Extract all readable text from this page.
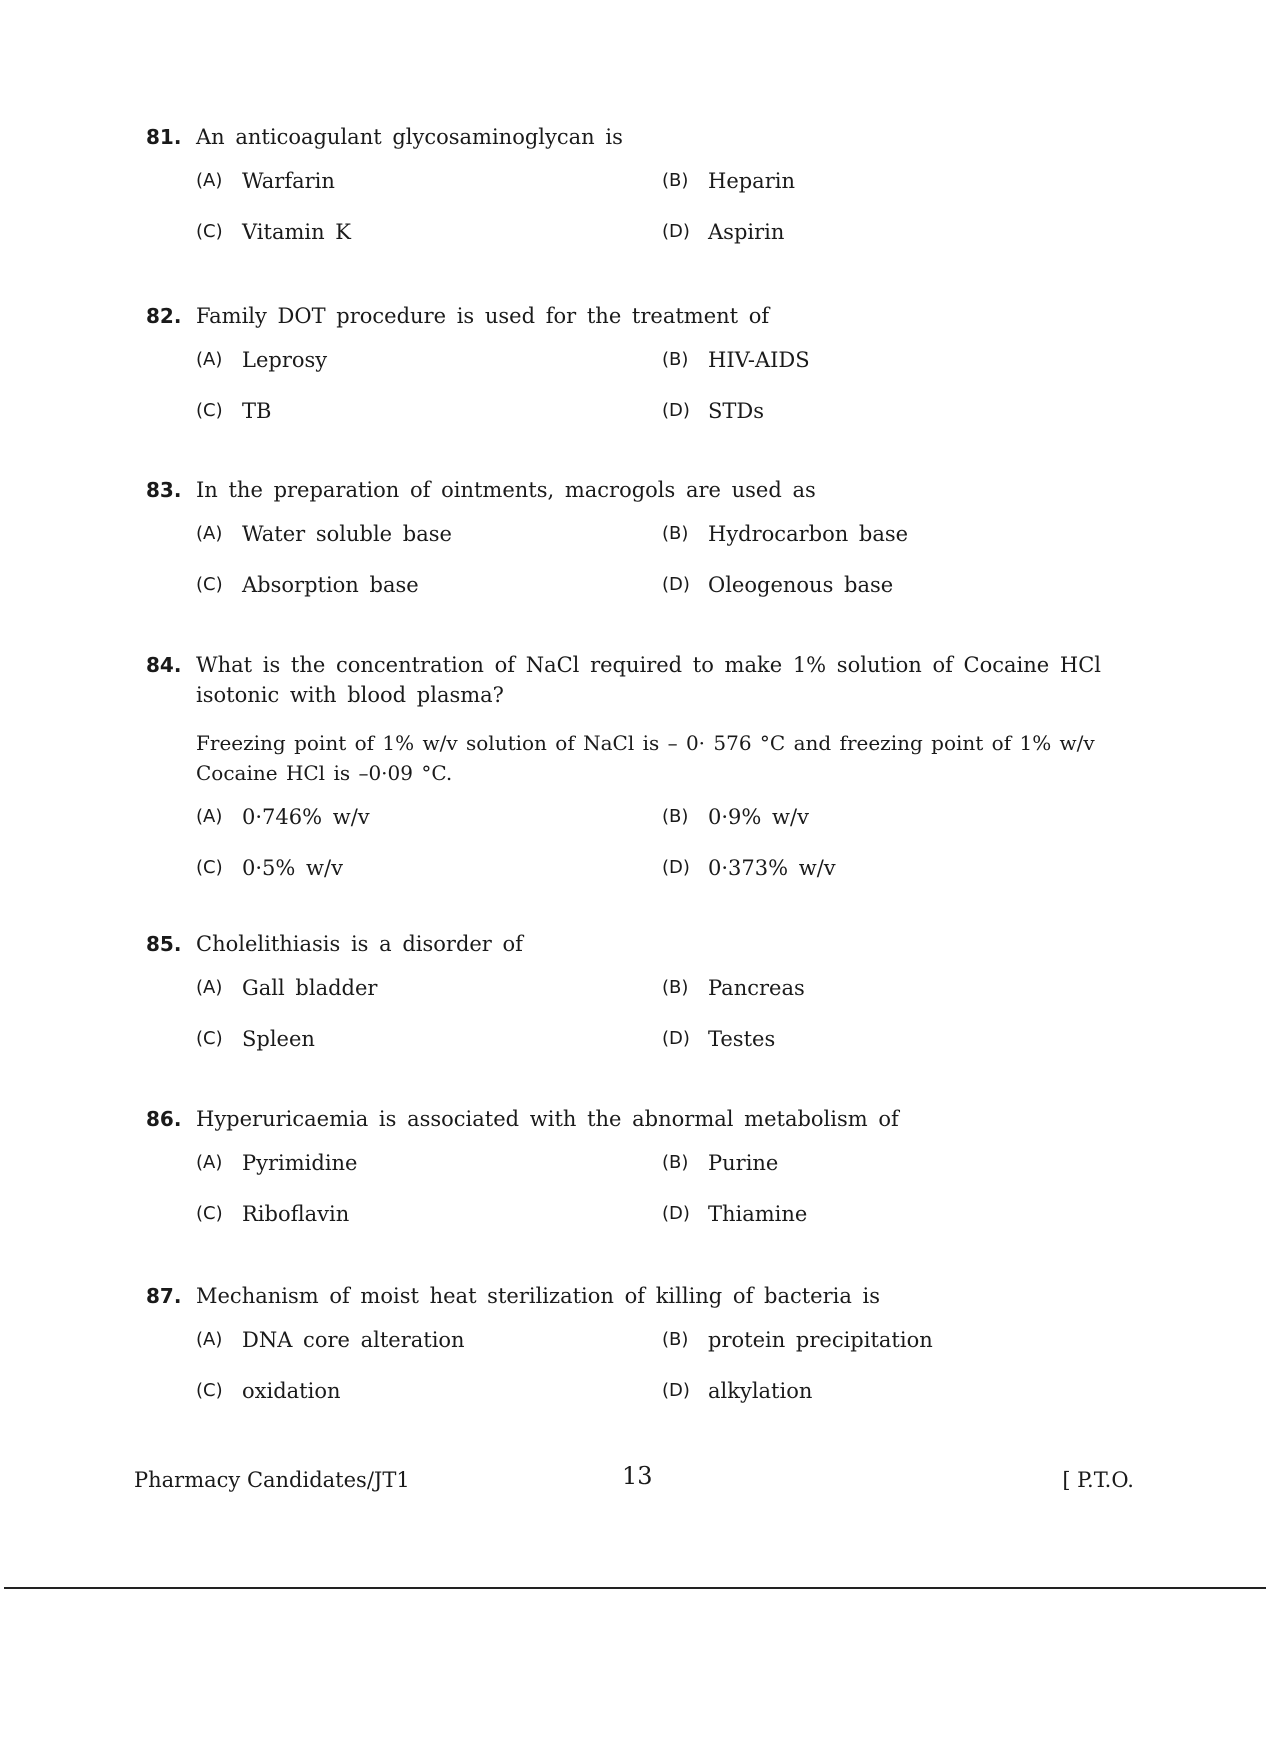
81. An anticoagulant glycosaminoglycan is
(A) Warfarin	(B) Heparin
(C) Vitamin K	(D) Aspirin
82. Family DOT procedure is used for the treatment of
(A) Leprosy	(B) HIV-AIDS
(C) TB	(D) STDs
83. In the preparation of ointments, macrogols are used as
(A) Water soluble base	(B) Hydrocarbon base
(C) Absorption base	(D) Oleogenous base
84. What is the concentration of NaCl required to make 1% solution of Cocaine HCl isotonic with blood plasma?
Freezing point of 1% w/v solution of NaCl is – 0· 576 °C and freezing point of 1% w/v Cocaine HCl is –0·09 °C.
(A) 0·746% w/v	(B) 0·9% w/v
(C) 0·5% w/v	(D) 0·373% w/v
85. Cholelithiasis is a disorder of
(A) Gall bladder	(B) Pancreas
(C) Spleen	(D) Testes
86. Hyperuricaemia is associated with the abnormal metabolism of
(A) Pyrimidine	(B) Purine
(C) Riboflavin	(D) Thiamine
87. Mechanism of moist heat sterilization of killing of bacteria is
(A) DNA core alteration	(B) protein precipitation
(C) oxidation	(D) alkylation
Pharmacy Candidates/JT1	13	[ P.T.O.
